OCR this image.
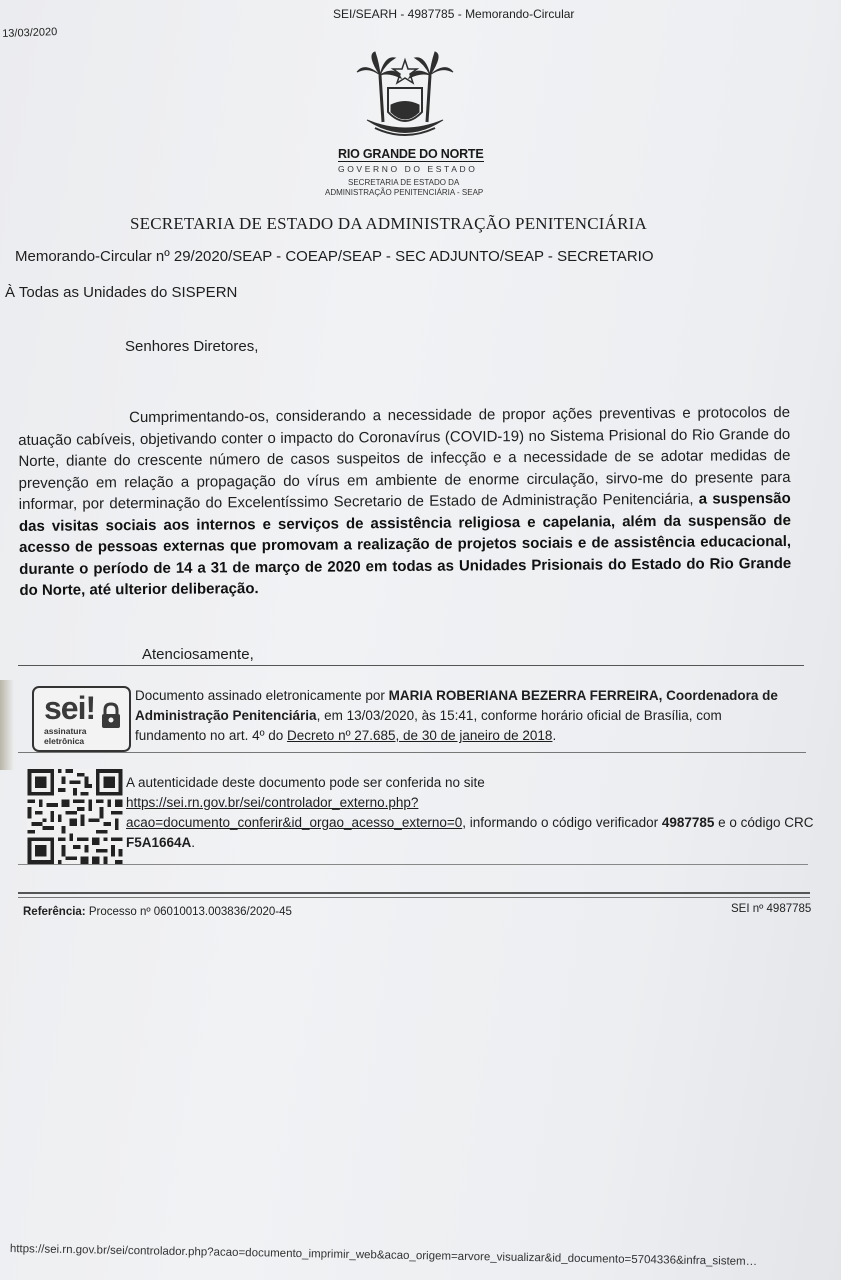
SEI/SEARH - 4987785 - Memorando-Circular
13/03/2020
RIO GRANDE DO NORTE
GOVERNO DO ESTADO
SECRETARIA DE ESTADO DA
ADMINISTRAÇÃO PENITENCIÁRIA - SEAP
SECRETARIA DE ESTADO DA ADMINISTRAÇÃO PENITENCIÁRIA
Memorando-Circular nº 29/2020/SEAP - COEAP/SEAP - SEC ADJUNTO/SEAP - SECRETARIO
À Todas as Unidades do SISPERN
Senhores Diretores,
Cumprimentando-os, considerando a necessidade de propor ações preventivas e protocolos de atuação cabíveis, objetivando conter o impacto do Coronavírus (COVID-19) no Sistema Prisional do Rio Grande do Norte, diante do crescente número de casos suspeitos de infecção e a necessidade de se adotar medidas de prevenção em relação a propagação do vírus em ambiente de enorme circulação, sirvo-me do presente para informar, por determinação do Excelentíssimo Secretario de Estado de Administração Penitenciária, a suspensão das visitas sociais aos internos e serviços de assistência religiosa e capelania, além da suspensão de acesso de pessoas externas que promovam a realização de projetos sociais e de assistência educacional, durante o período de 14 a 31 de março de 2020 em todas as Unidades Prisionais do Estado do Rio Grande do Norte, até ulterior deliberação.
Atenciosamente,
sei!
assinatura
eletrônica
Documento assinado eletronicamente por MARIA ROBERIANA BEZERRA FERREIRA, Coordenadora de Administração Penitenciária, em 13/03/2020, às 15:41, conforme horário oficial de Brasília, com fundamento no art. 4º do Decreto nº 27.685, de 30 de janeiro de 2018.
A autenticidade deste documento pode ser conferida no site
https://sei.rn.gov.br/sei/controlador_externo.php?
acao=documento_conferir&id_orgao_acesso_externo=0, informando o código verificador 4987785 e o código CRC F5A1664A.
Referência: Processo nº 06010013.003836/2020-45	SEI nº 4987785
https://sei.rn.gov.br/sei/controlador.php?acao=documento_imprimir_web&acao_origem=arvore_visualizar&id_documento=5704336&infra_sistem…
